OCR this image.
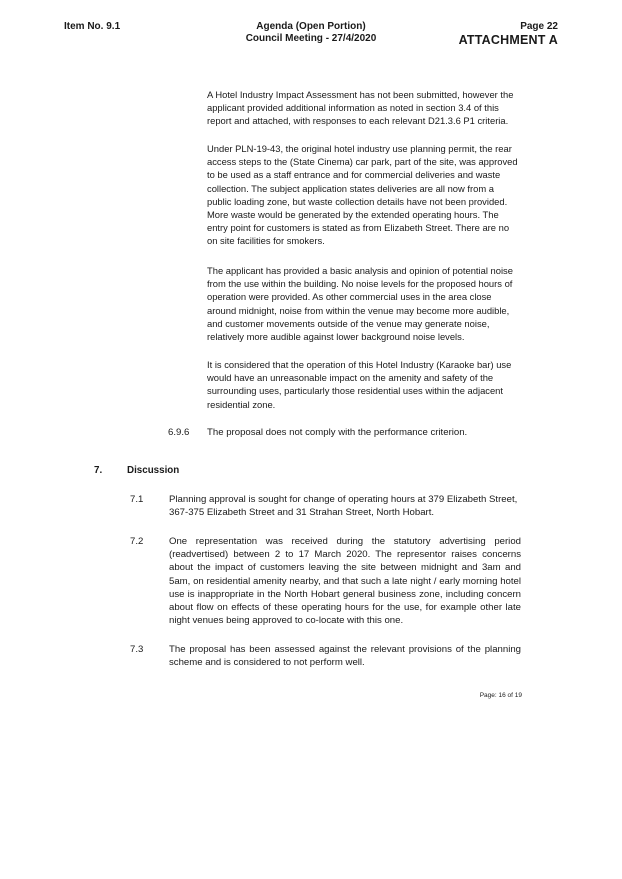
Item No. 9.1	Agenda (Open Portion)
Council Meeting - 27/4/2020
Page 22
ATTACHMENT A

A Hotel Industry Impact Assessment has not been submitted, however the applicant provided additional information as noted in section 3.4 of this report and attached, with responses to each relevant D21.3.6 P1 criteria.

Under PLN-19-43, the original hotel industry use planning permit, the rear access steps to the (State Cinema) car park, part of the site, was approved to be used as a staff entrance and for commercial deliveries and waste collection. The subject application states deliveries are all now from a public loading zone, but waste collection details have not been provided. More waste would be generated by the extended operating hours. The entry point for customers is stated as from Elizabeth Street. There are no on site facilities for smokers.

The applicant has provided a basic analysis and opinion of potential noise from the use within the building. No noise levels for the proposed hours of operation were provided. As other commercial uses in the area close around midnight, noise from within the venue may become more audible, and customer movements outside of the venue may generate noise, relatively more audible against lower background noise levels.

It is considered that the operation of this Hotel Industry (Karaoke bar) use would have an unreasonable impact on the amenity and safety of the surrounding uses, particularly those residential uses within the adjacent residential zone.

6.9.6 The proposal does not comply with the performance criterion.
7.	Discussion
7.1	Planning approval is sought for change of operating hours at 379 Elizabeth Street, 367-375 Elizabeth Street and 31 Strahan Street, North Hobart.

7.2	One representation was received during the statutory advertising period (readvertised) between 2 to 17 March 2020. The representor raises concerns about the impact of customers leaving the site between midnight and 3am and 5am, on residential amenity nearby, and that such a late night / early morning hotel use is inappropriate in the North Hobart general business zone, including concern about flow on effects of these operating hours for the use, for example other late night venues being approved to co-locate with this one.

7.3	The proposal has been assessed against the relevant provisions of the planning scheme and is considered to not perform well.

Page: 16 of 19
